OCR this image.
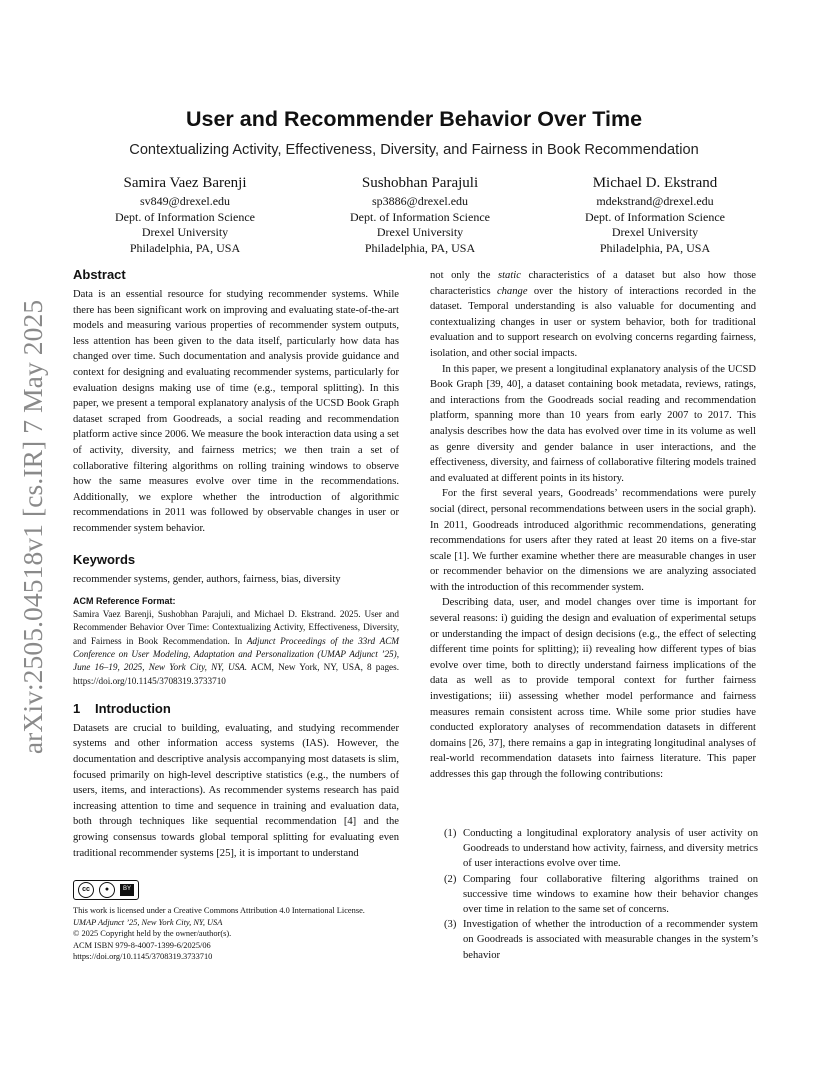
arXiv:2505.04518v1 [cs.IR] 7 May 2025
User and Recommender Behavior Over Time
Contextualizing Activity, Effectiveness, Diversity, and Fairness in Book Recommendation
Samira Vaez Barenji
sv849@drexel.edu
Dept. of Information Science
Drexel University
Philadelphia, PA, USA
Sushobhan Parajuli
sp3886@drexel.edu
Dept. of Information Science
Drexel University
Philadelphia, PA, USA
Michael D. Ekstrand
mdekstrand@drexel.edu
Dept. of Information Science
Drexel University
Philadelphia, PA, USA
Abstract

Data is an essential resource for studying recommender systems. While there has been significant work on improving and evaluating state-of-the-art models and measuring various properties of recommender system outputs, less attention has been given to the data itself, particularly how data has changed over time. Such documentation and analysis provide guidance and context for designing and evaluating recommender systems, particularly for evaluation designs making use of time (e.g., temporal splitting). In this paper, we present a temporal explanatory analysis of the UCSD Book Graph dataset scraped from Goodreads, a social reading and recommendation platform active since 2006. We measure the book interaction data using a set of activity, diversity, and fairness metrics; we then train a set of collaborative filtering algorithms on rolling training windows to observe how the same measures evolve over time in the recommendations. Additionally, we explore whether the introduction of algorithmic recommendations in 2011 was followed by observable changes in user or recommender system behavior.

Keywords

recommender systems, gender, authors, fairness, bias, diversity

ACM Reference Format:

Samira Vaez Barenji, Sushobhan Parajuli, and Michael D. Ekstrand. 2025. User and Recommender Behavior Over Time: Contextualizing Activity, Effectiveness, Diversity, and Fairness in Book Recommendation. In Adjunct Proceedings of the 33rd ACM Conference on User Modeling, Adaptation and Personalization (UMAP Adjunct ’25), June 16–19, 2025, New York City, NY, USA. ACM, New York, NY, USA, 8 pages. https://doi.org/10.1145/3708319.3733710

1 Introduction

Datasets are crucial to building, evaluating, and studying recommender systems and other information access systems (IAS). However, the documentation and descriptive analysis accompanying most datasets is slim, focused primarily on high-level descriptive statistics (e.g., the numbers of users, items, and interactions). As recommender systems research has paid increasing attention to time and sequence in training and evaluation data, both through techniques like sequential recommendation [4] and the growing consensus towards global temporal splitting for evaluating even traditional recommender systems [25], it is important to understand

cc	●	BY
This work is licensed under a Creative Commons Attribution 4.0 International License.
UMAP Adjunct ’25, New York City, NY, USA
© 2025 Copyright held by the owner/author(s).
ACM ISBN 979-8-4007-1399-6/2025/06
https://doi.org/10.1145/3708319.3733710

not only the static characteristics of a dataset but also how those characteristics change over the history of interactions recorded in the dataset. Temporal understanding is also valuable for documenting and contextualizing changes in user or system behavior, both for traditional evaluation and to support research on evolving concerns regarding fairness, isolation, and other social impacts.

In this paper, we present a longitudinal explanatory analysis of the UCSD Book Graph [39, 40], a dataset containing book metadata, reviews, ratings, and interactions from the Goodreads social reading and recommendation platform, spanning more than 10 years from early 2007 to 2017. This analysis describes how the data has evolved over time in its volume as well as genre diversity and gender balance in user interactions, and the effectiveness, diversity, and fairness of collaborative filtering models trained and evaluated at different points in its history.

For the first several years, Goodreads’ recommendations were purely social (direct, personal recommendations between users in the social graph). In 2011, Goodreads introduced algorithmic recommendations, generating recommendations for users after they rated at least 20 items on a five-star scale [1]. We further examine whether there are measurable changes in user or recommender behavior on the dimensions we are analyzing associated with the introduction of this recommender system.

Describing data, user, and model changes over time is important for several reasons: i) guiding the design and evaluation of experimental setups or understanding the impact of design decisions (e.g., the effect of selecting different time points for splitting); ii) revealing how different types of bias evolve over time, both to directly understand fairness implications of the data as well as to provide temporal context for further fairness investigations; iii) assessing whether model performance and fairness measures remain consistent across time. While some prior studies have conducted exploratory analyses of recommendation datasets in different domains [26, 37], there remains a gap in integrating longitudinal analyses of real-world recommendation datasets into fairness literature. This paper addresses this gap through the following contributions:

(1) Conducting a longitudinal exploratory analysis of user activity on Goodreads to understand how activity, fairness, and diversity metrics of user interactions evolve over time.
(2) Comparing four collaborative filtering algorithms trained on successive time windows to examine how their behavior changes over time in relation to the same set of concerns.
(3) Investigation of whether the introduction of a recommender system on Goodreads is associated with measurable changes in the system’s behavior
